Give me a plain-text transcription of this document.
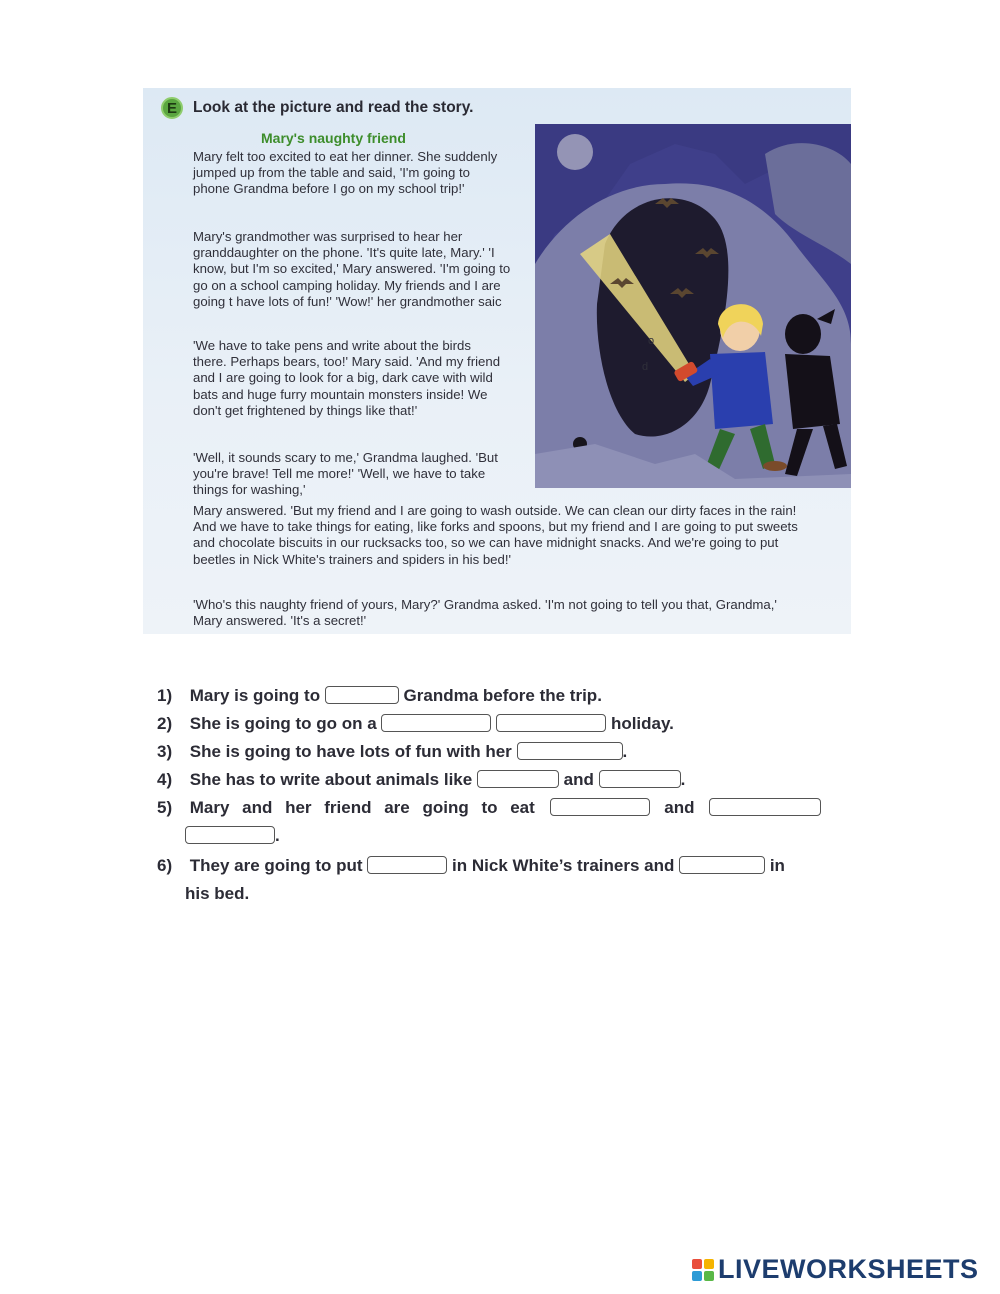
E	Look at the picture and read the story.
Mary's naughty friend

Mary felt too excited to eat her dinner. She suddenly jumped up from the table and said, 'I'm going to phone Grandma before I go on my school trip!'

Mary's grandmother was surprised to hear her granddaughter on the phone. 'It's quite late, Mary.' 'I know, but I'm so excited,' Mary answered. 'I'm going to go on a school camping holiday. My friends and I are going t have lots of fun!' 'Wow!' her grandmother saic

'We have to take pens and write about the birds there. Perhaps bears, too!' Mary said. 'And my friend and I are going to look for a big, dark cave with wild bats and huge furry mountain monsters inside! We don't get frightened by things like that!'

'Well, it sounds scary to me,' Grandma laughed. 'But you're brave! Tell me more!' 'Well, we have to take things for washing,'

Mary answered. 'But my friend and I are going to wash outside. We can clean our dirty faces in the rain! And we have to take things for eating, like forks and spoons, but my friend and I are going to put sweets and chocolate biscuits in our rucksacks too, so we can have midnight snacks. And we're going to put beetles in Nick White's trainers and spiders in his bed!'

'Who's this naughty friend of yours, Mary?' Grandma asked. 'I'm not going to tell you that, Grandma,' Mary answered. 'It's a secret!'

o
d
1) Mary is going to	Grandma before the trip.
2) She is going to go on a	holiday.
3) She is going to have lots of fun with her	.
4) She has to write about animals like	and	.
5) Mary and her friend are going to eat	and
.
6) They are going to put	in Nick White’s trainers and	in
his bed.
LIVEWORKSHEETS
